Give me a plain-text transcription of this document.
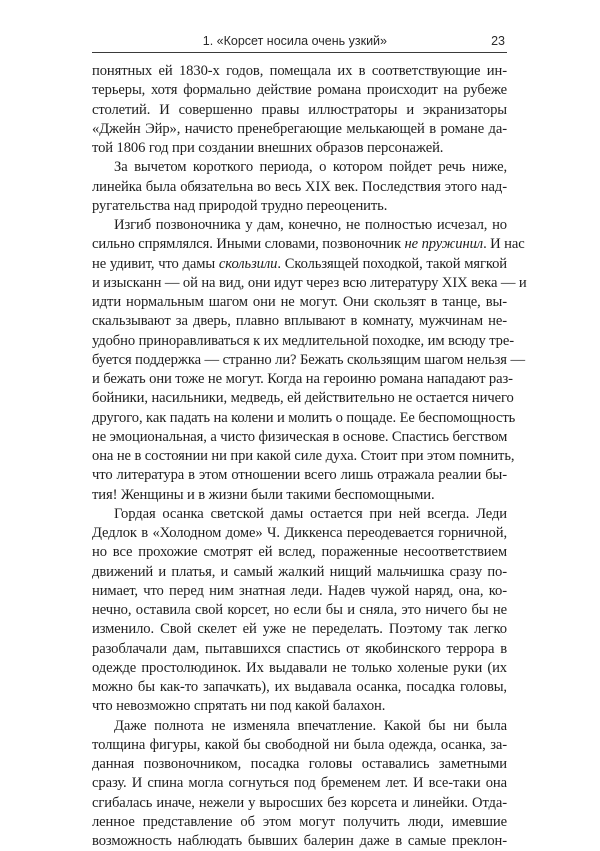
1. «Корсет носила очень узкий»	23
понятных ей 1830-х годов, помещала их в соответствующие ин-
терьеры, хотя формально действие романа происходит на рубеже
столетий. И совершенно правы иллюстраторы и экранизаторы
«Джейн Эйр», начисто пренебрегающие мелькающей в романе да-
той 1806 год при создании внешних образов персонажей.
За вычетом короткого периода, о котором пойдет речь ниже,
линейка была обязательна во весь XIX век. Последствия этого над-
ругательства над природой трудно переоценить.
Изгиб позвоночника у дам, конечно, не полностью исчезал, но
сильно спрямлялся. Иными словами, позвоночник не пружинил. И нас
не удивит, что дамы скользили. Скользящей походкой, такой мягкой
и изысканн — ой на вид, они идут через всю литературу XIX века — и
идти нормальным шагом они не могут. Они скользят в танце, вы-
скальзывают за дверь, плавно вплывают в комнату, мужчинам не-
удобно приноравливаться к их медлительной походке, им всюду тре-
буется поддержка — странно ли? Бежать скользящим шагом нельзя —
и бежать они тоже не могут. Когда на героиню романа нападают раз-
бойники, насильники, медведь, ей действительно не остается ничего
другого, как падать на колени и молить о пощаде. Ее беспомощность
не эмоциональная, а чисто физическая в основе. Спастись бегством
она не в состоянии ни при какой силе духа. Стоит при этом помнить,
что литература в этом отношении всего лишь отражала реалии бы-
тия! Женщины и в жизни были такими беспомощными.
Гордая осанка светской дамы остается при ней всегда. Леди
Дедлок в «Холодном доме» Ч. Диккенса переодевается горничной,
но все прохожие смотрят ей вслед, пораженные несоответствием
движений и платья, и самый жалкий нищий мальчишка сразу по-
нимает, что перед ним знатная леди. Надев чужой наряд, она, ко-
нечно, оставила свой корсет, но если бы и сняла, это ничего бы не
изменило. Свой скелет ей уже не переделать. Поэтому так легко
разоблачали дам, пытавшихся спастись от якобинского террора в
одежде простолюдинок. Их выдавали не только холеные руки (их
можно бы как-то запачкать), их выдавала осанка, посадка головы,
что невозможно спрятать ни под какой балахон.
Даже полнота не изменяла впечатление. Какой бы ни была
толщина фигуры, какой бы свободной ни была одежда, осанка, за-
данная позвоночником, посадка головы оставались заметными
сразу. И спина могла согнуться под бременем лет. И все-таки она
сгибалась иначе, нежели у выросших без корсета и линейки. Отда-
ленное представление об этом могут получить люди, имевшие
возможность наблюдать бывших балерин даже в самые преклон-
